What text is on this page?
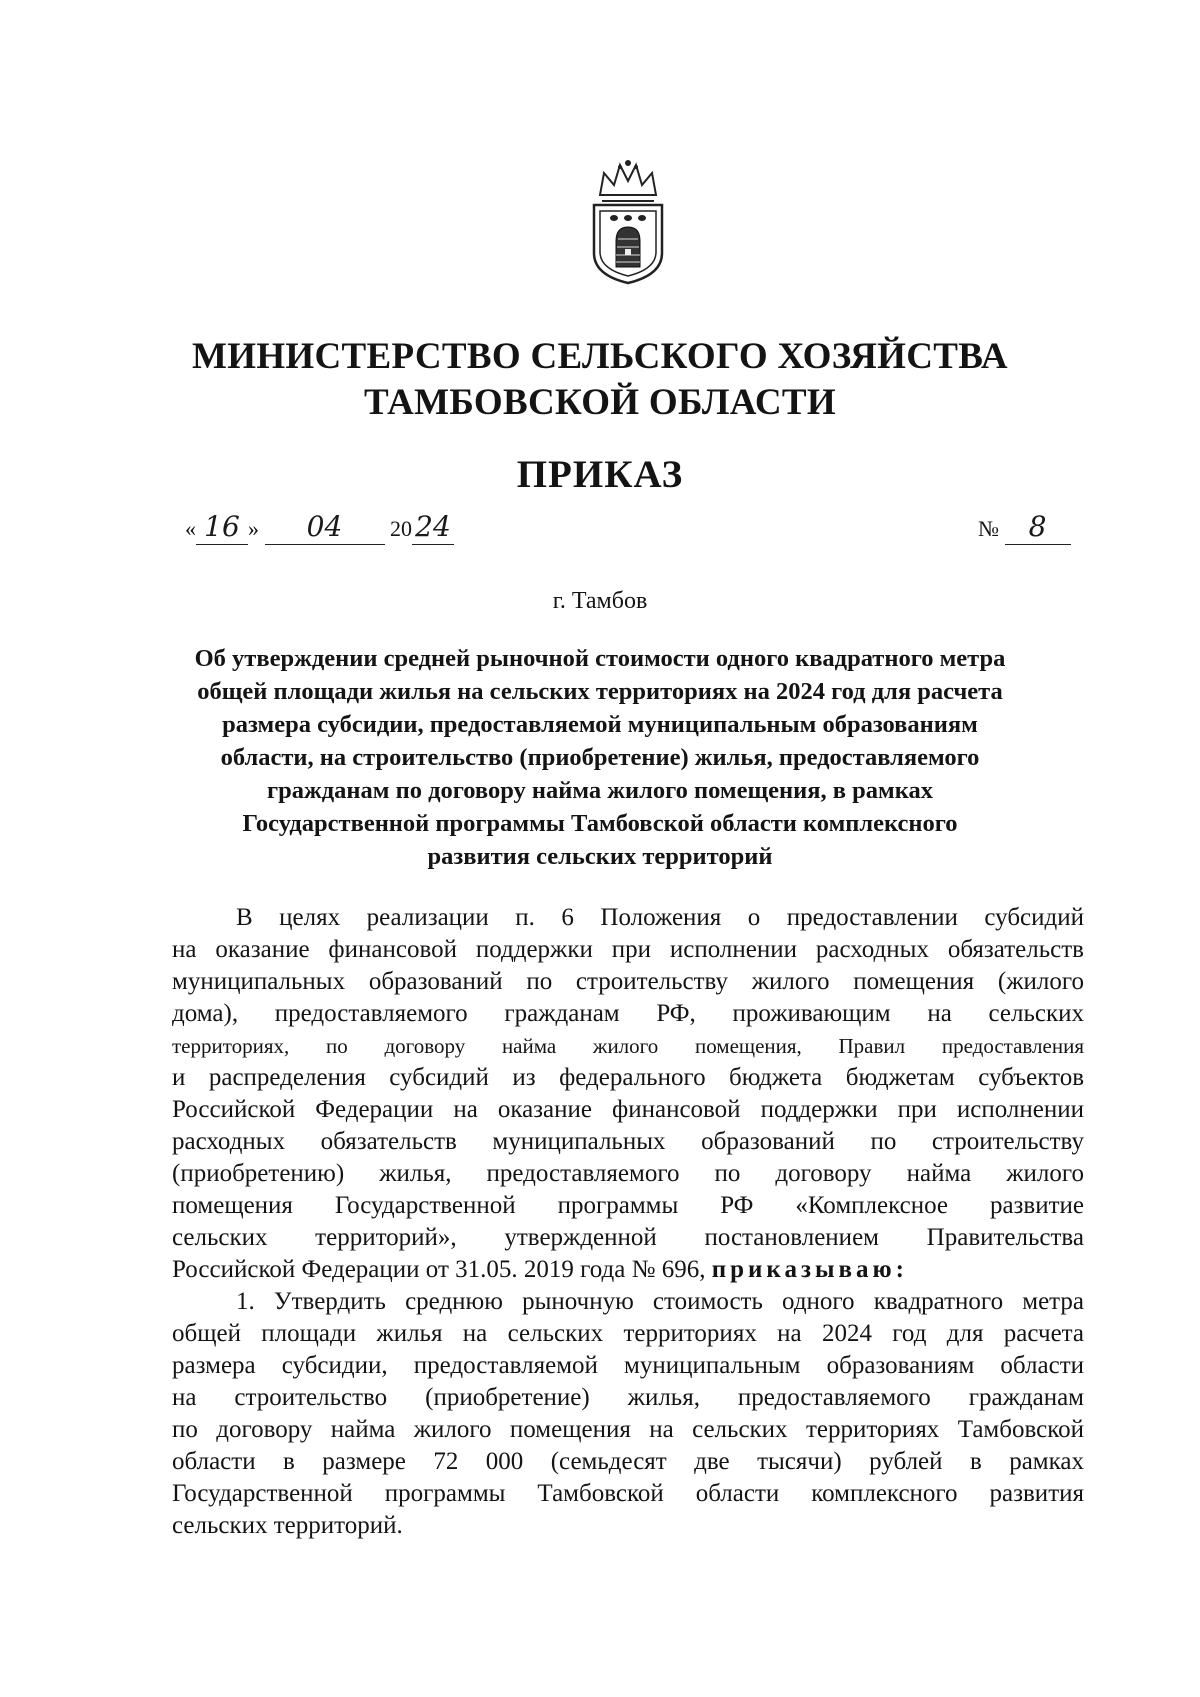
МИНИСТЕРСТВО СЕЛЬСКОГО ХОЗЯЙСТВА
ТАМБОВСКОЙ ОБЛАСТИ
ПРИКАЗ
« 16 » 04 20 24	№ 8
г. Тамбов
Об утверждении средней рыночной стоимости одного квадратного метра
общей площади жилья на сельских территориях на 2024 год для расчета
размера субсидии, предоставляемой муниципальным образованиям
области, на строительство (приобретение) жилья, предоставляемого
гражданам по договору найма жилого помещения, в рамках
Государственной программы Тамбовской области комплексного
развития сельских территорий
В целях реализации п. 6 Положения о предоставлении субсидий
на оказание финансовой поддержки при исполнении расходных обязательств
муниципальных образований по строительству жилого помещения (жилого
дома), предоставляемого гражданам РФ, проживающим на сельских
территориях, по договору найма жилого помещения, Правил предоставления
и распределения субсидий из федерального бюджета бюджетам субъектов
Российской Федерации на оказание финансовой поддержки при исполнении
расходных обязательств муниципальных образований по строительству
(приобретению) жилья, предоставляемого по договору найма жилого
помещения Государственной программы РФ «Комплексное развитие
сельских территорий», утвержденной постановлением Правительства
Российской Федерации от 31.05. 2019 года № 696, приказываю:
1. Утвердить среднюю рыночную стоимость одного квадратного метра
общей площади жилья на сельских территориях на 2024 год для расчета
размера субсидии, предоставляемой муниципальным образованиям области
на строительство (приобретение) жилья, предоставляемого гражданам
по договору найма жилого помещения на сельских территориях Тамбовской
области в размере 72 000 (семьдесят две тысячи) рублей в рамках
Государственной программы Тамбовской области комплексного развития
сельских территорий.
